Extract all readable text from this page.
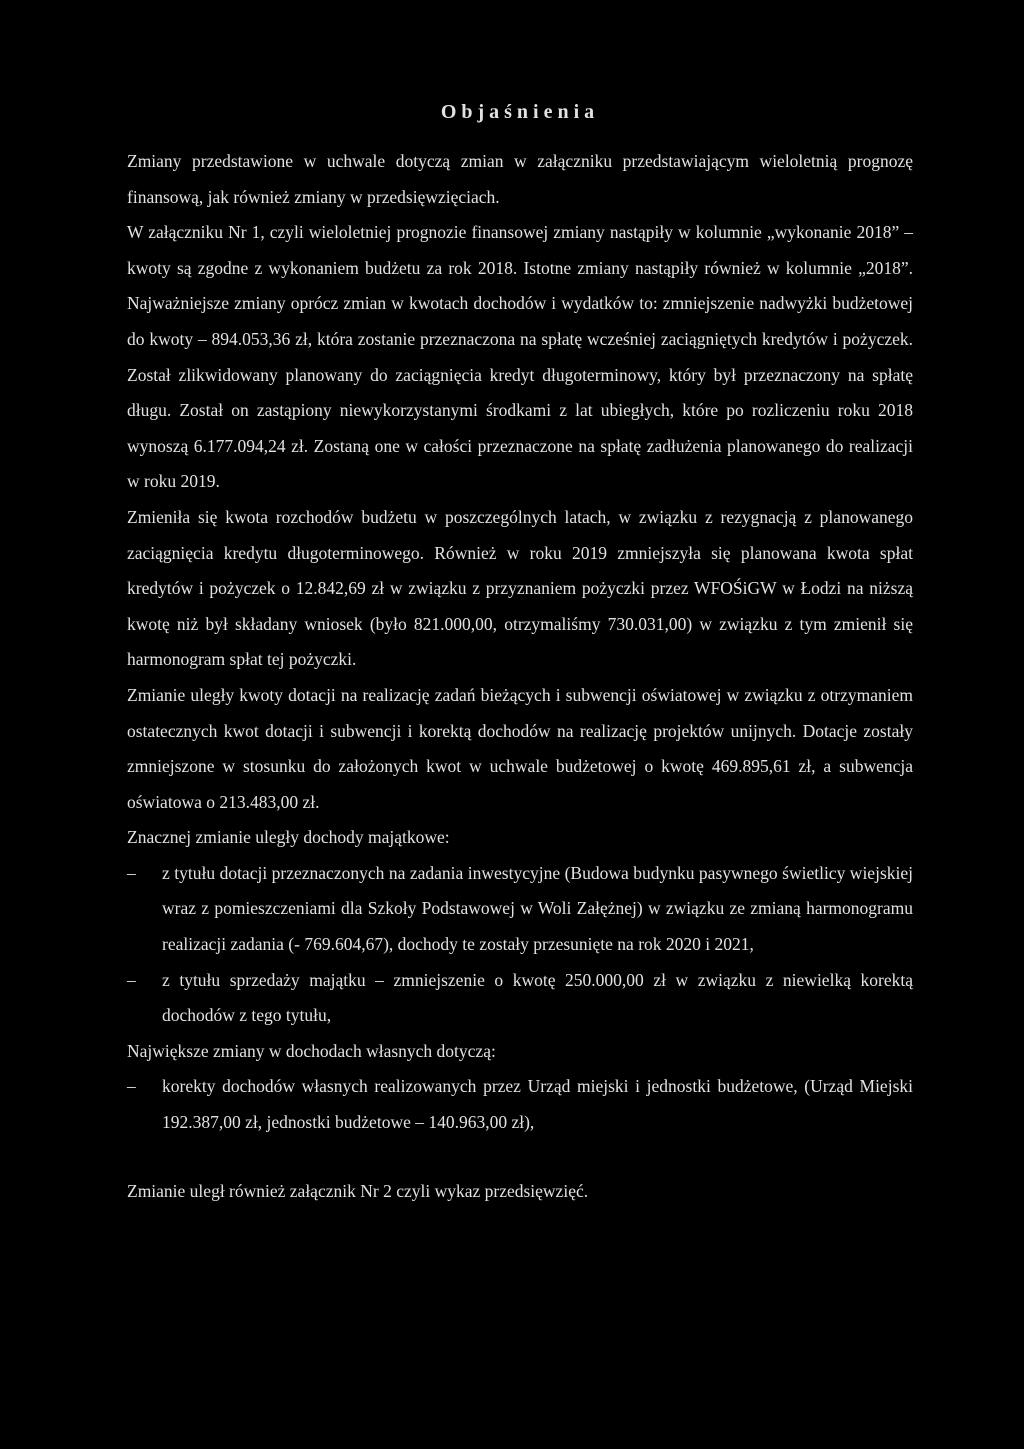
Objaśnienia

Zmiany przedstawione w uchwale dotyczą zmian w załączniku przedstawiającym wieloletnią prognozę finansową, jak również zmiany w przedsięwzięciach.

W załączniku Nr 1, czyli wieloletniej prognozie finansowej zmiany nastąpiły w kolumnie „wykonanie 2018” – kwoty są zgodne z wykonaniem budżetu za rok 2018. Istotne zmiany nastąpiły również w kolumnie „2018”. Najważniejsze zmiany oprócz zmian w kwotach dochodów i wydatków to: zmniejszenie nadwyżki budżetowej do kwoty – 894.053,36 zł, która zostanie przeznaczona na spłatę wcześniej zaciągniętych kredytów i pożyczek. Został zlikwidowany planowany do zaciągnięcia kredyt długoterminowy, który był przeznaczony na spłatę długu. Został on zastąpiony niewykorzystanymi środkami z lat ubiegłych, które po rozliczeniu roku 2018 wynoszą 6.177.094,24 zł. Zostaną one w całości przeznaczone na spłatę zadłużenia planowanego do realizacji w roku 2019.

Zmieniła się kwota rozchodów budżetu w poszczególnych latach, w związku z rezygnacją z planowanego zaciągnięcia kredytu długoterminowego. Również w roku 2019 zmniejszyła się planowana kwota spłat kredytów i pożyczek o 12.842,69 zł w związku z przyznaniem pożyczki przez WFOŚiGW w Łodzi na niższą kwotę niż był składany wniosek (było 821.000,00, otrzymaliśmy 730.031,00) w związku z tym zmienił się harmonogram spłat tej pożyczki.

Zmianie uległy kwoty dotacji na realizację zadań bieżących i subwencji oświatowej w związku z otrzymaniem ostatecznych kwot dotacji i subwencji i korektą dochodów na realizację projektów unijnych. Dotacje zostały zmniejszone w stosunku do założonych kwot w uchwale budżetowej o kwotę 469.895,61 zł, a subwencja oświatowa o 213.483,00 zł.

Znacznej zmianie uległy dochody majątkowe:

– z tytułu dotacji przeznaczonych na zadania inwestycyjne (Budowa budynku pasywnego świetlicy wiejskiej wraz z pomieszczeniami dla Szkoły Podstawowej w Woli Załężnej) w związku ze zmianą harmonogramu realizacji zadania (- 769.604,67), dochody te zostały przesunięte na rok 2020 i 2021,
– z tytułu sprzedaży majątku – zmniejszenie o kwotę 250.000,00 zł w związku z niewielką korektą dochodów z tego tytułu,

Największe zmiany w dochodach własnych dotyczą:

– korekty dochodów własnych realizowanych przez Urząd miejski i jednostki budżetowe, (Urząd Miejski 192.387,00 zł, jednostki budżetowe – 140.963,00 zł),

Zmianie uległ również załącznik Nr 2 czyli wykaz przedsięwzięć.
